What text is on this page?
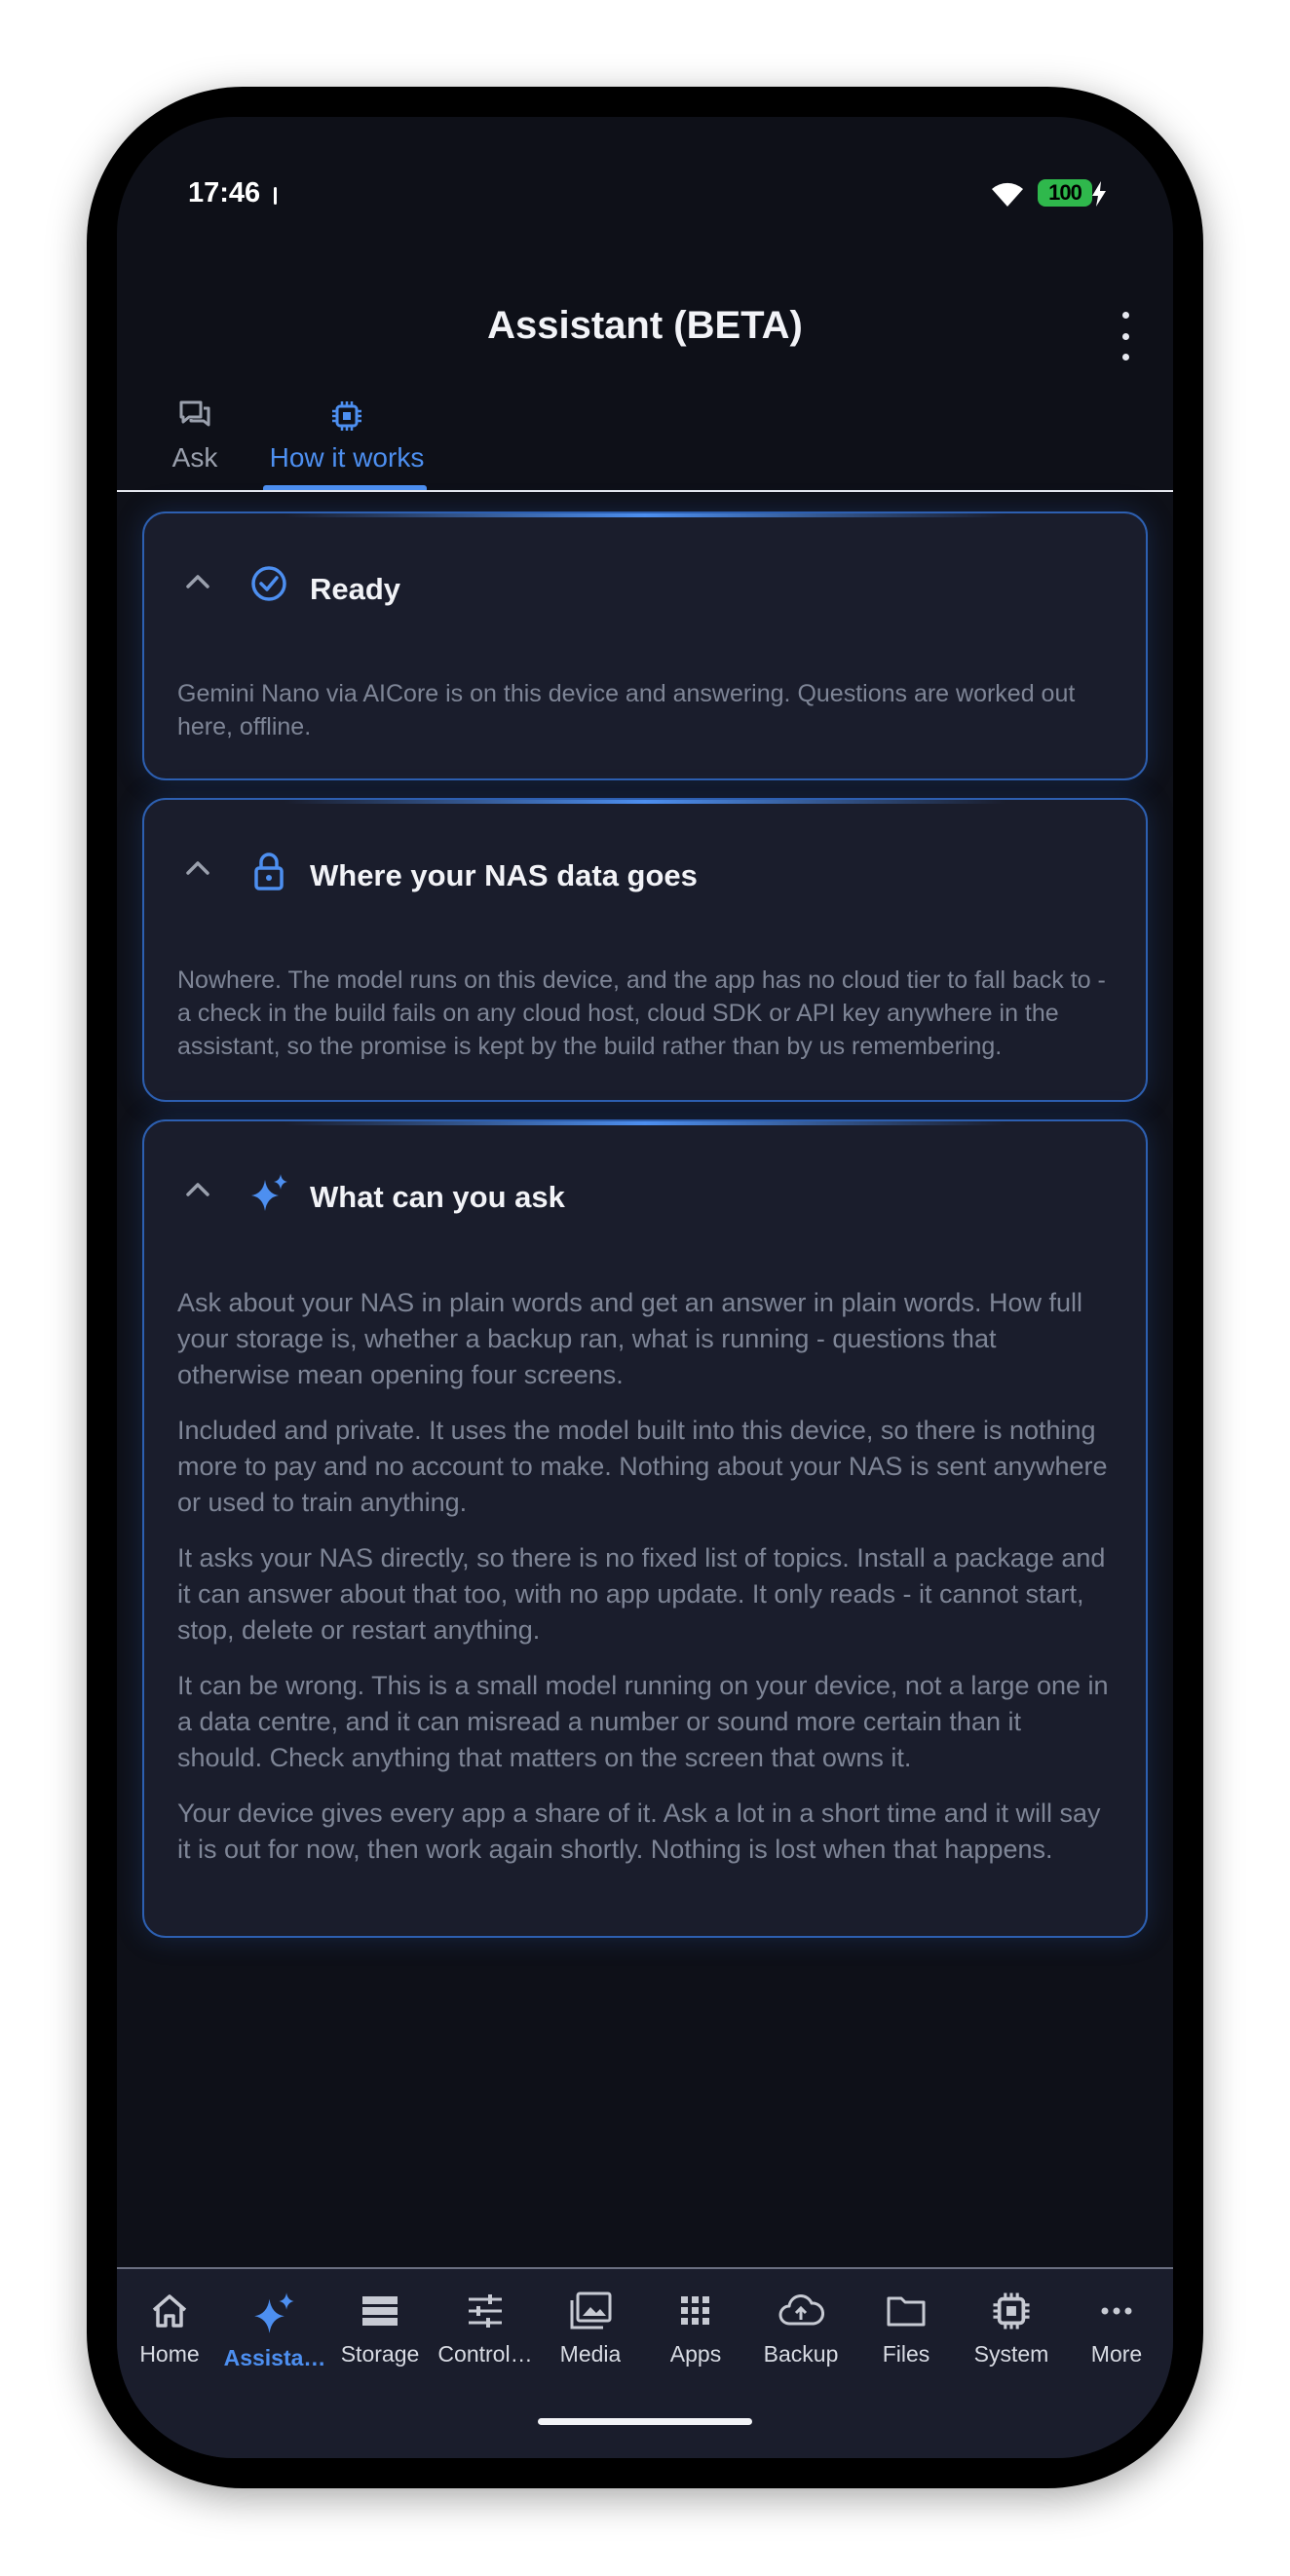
17:46	100
Assistant (BETA)
Ask How it works
Ready

Gemini Nano via AICore is on this device and answering. Questions are worked out here, offline.

Where your NAS data goes

Nowhere. The model runs on this device, and the app has no cloud tier to fall back to - a check in the build fails on any cloud host, cloud SDK or API key anywhere in the assistant, so the promise is kept by the build rather than by us remembering.

What can you ask

Ask about your NAS in plain words and get an answer in plain words. How full your storage is, whether a backup ran, what is running - questions that otherwise mean opening four screens.

Included and private. It uses the model built into this device, so there is nothing more to pay and no account to make. Nothing about your NAS is sent anywhere or used to train anything.

It asks your NAS directly, so there is no fixed list of topics. Install a package and it can answer about that too, with no app update. It only reads - it cannot start, stop, delete or restart anything.

It can be wrong. This is a small model running on your device, not a large one in a data centre, and it can misread a number or sound more certain than it should. Check anything that matters on the screen that owns it.

Your device gives every app a share of it. Ask a lot in a short time and it will say it is out for now, then work again shortly. Nothing is lost when that happens.

Home Assista… Storage Control… Media Apps Backup Files System More
